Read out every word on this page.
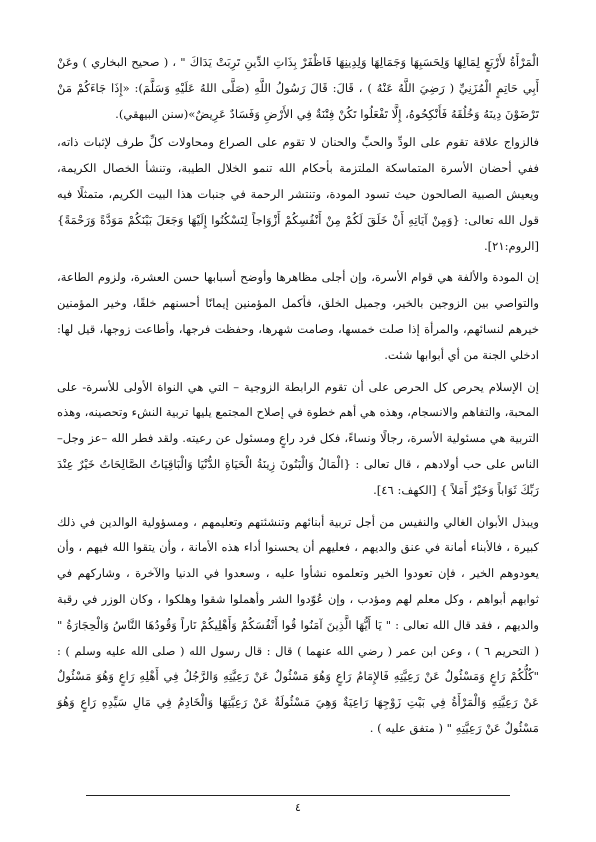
الْمَرْأَةُ لأَرْبَعٍ لِمَالِهَا وَلِحَسَبِهَا وَجَمَالِهَا وَلِدِينِهَا فَاظْفَرْ بِذَاتِ الدِّينِ تَرِبَتْ يَدَاكَ " ، ( صحيح البخاري ) وعَنْ أَبِي حَاتِمٍ الْمُزَنِيِّ ( رَضِيَ اللَّهُ عَنْهُ ) ، قَالَ: قَالَ رَسُولُ اللَّهِ (صَلَّى اللهُ عَلَيْهِ وَسَلَّمَ): «إِذَا جَاءَكُمْ مَنْ تَرْضَوْنَ دِينَهُ وَخُلُقَهُ فَأَنْكِحُوهُ، إِلَّا تَفْعَلُوا تَكُنْ فِتْنَةٌ فِي الأَرْضِ وَفَسَادٌ عَرِيضٌ»(سنن البيهقي).

فالزواج علاقة تقوم على الودِّ والحبِّ والحنان لا تقوم على الصراع ومحاولات كلِّ طرف لإثبات ذاته، ففي أحضان الأسرة المتماسكة الملتزمة بأحكام الله تنمو الخلال الطيبة، وتنشأ الخصال الكريمة، ويعيش الصبية الصالحون حيث تسود المودة، وتنتشر الرحمة في جنبات هذا البيت الكريم، متمثلًا فيه قول الله تعالى: {وَمِنْ آيَاتِهِ أَنْ خَلَقَ لَكُمْ مِنْ أَنْفُسِكُمْ أَزْوَاجاً لِتَسْكُنُوا إِلَيْهَا وَجَعَلَ بَيْنَكُمْ مَوَدَّةً وَرَحْمَةً} [الروم:٢١].

إن المودة والألفة هي قوام الأسرة، وإن أجلى مظاهرها وأوضح أسبابها حسن العشرة، ولزوم الطاعة، والتواصي بين الزوجين بالخير، وجميل الخلق، فأكمل المؤمنين إيمانًا أحسنهم خلقًا، وخير المؤمنين خيرهم لنسائهم، والمرأة إذا صلت خمسها، وصامت شهرها، وحفظت فرجها، وأطاعت زوجها، قيل لها: ادخلي الجنة من أي أبوابها شئت.

إن الإسلام يحرص كل الحرص على أن تقوم الرابطة الزوجية – التي هي النواة الأولى للأسرة- على المحبة، والتفاهم والانسجام، وهذه هي أهم خطوة في إصلاح المجتمع يليها تربية النشء وتحصينه، وهذه التربية هي مسئولية الأسرة، رجالًا ونساءً، فكل فرد راعٍ ومسئول عن رعيته. ولقد فطر الله –عز وجل– الناس على حب أولادهم ، قال تعالى : {الْمَالُ وَالْبَنُونَ زِينَةُ الْحَيَاةِ الدُّنْيَا وَالْبَاقِيَاتُ الصَّالِحَاتُ خَيْرٌ عِنْدَ رَبِّكَ ثَوَاباً وَخَيْرٌ أَمَلاً } [الكهف: ٤٦].

ويبذل الأبوان الغالي والنفيس من أجل تربية أبنائهم وتنشئتهم وتعليمهم ، ومسؤولية الوالدين في ذلك كبيرة ، فالأبناء أمانة في عنق والديهم ، فعليهم أن يحسنوا أداء هذه الأمانة ، وأن يتقوا الله فيهم ، وأن يعودوهم الخير ، فإن تعودوا الخير وتعلموه نشأوا عليه ، وسعدوا في الدنيا والآخرة ، وشاركهم في ثوابهم أبواهم ، وكل معلم لهم ومؤدب ، وإن عُوّدوا الشر وأهملوا شقوا وهلكوا ، وكان الوزر في رقبة والديهم ، فقد قال الله تعالى : " يَا أَيُّهَا الَّذِينَ آمَنُوا قُوا أَنْفُسَكُمْ وَأَهْلِيكُمْ نَاراً وَقُودُهَا النَّاسُ وَالْحِجَارَةُ " ( التحريم ٦ ) ، وعن ابن عمر ( رضي الله عنهما ) قال : قال رسول الله ( صلى الله عليه وسلم ) : "كُلُّكُمْ رَاعٍ وَمَسْئُولٌ عَنْ رَعِيَّتِهِ فَالإِمَامُ رَاعٍ وَهُوَ مَسْئُولٌ عَنْ رَعِيَّتِهِ وَالرَّجُلُ فِي أَهْلِهِ رَاعٍ وَهُوَ مَسْئُولٌ عَنْ رَعِيَّتِهِ وَالْمَرْأَةُ فِي بَيْتِ زَوْجِهَا رَاعِيَةٌ وَهِيَ مَسْئُولَةٌ عَنْ رَعِيَّتِهَا وَالْخَادِمُ فِي مَالِ سَيِّدِهِ رَاعٍ وَهُوَ مَسْئُولٌ عَنْ رَعِيَّتِهِ " ( متفق عليه ) .

٤
